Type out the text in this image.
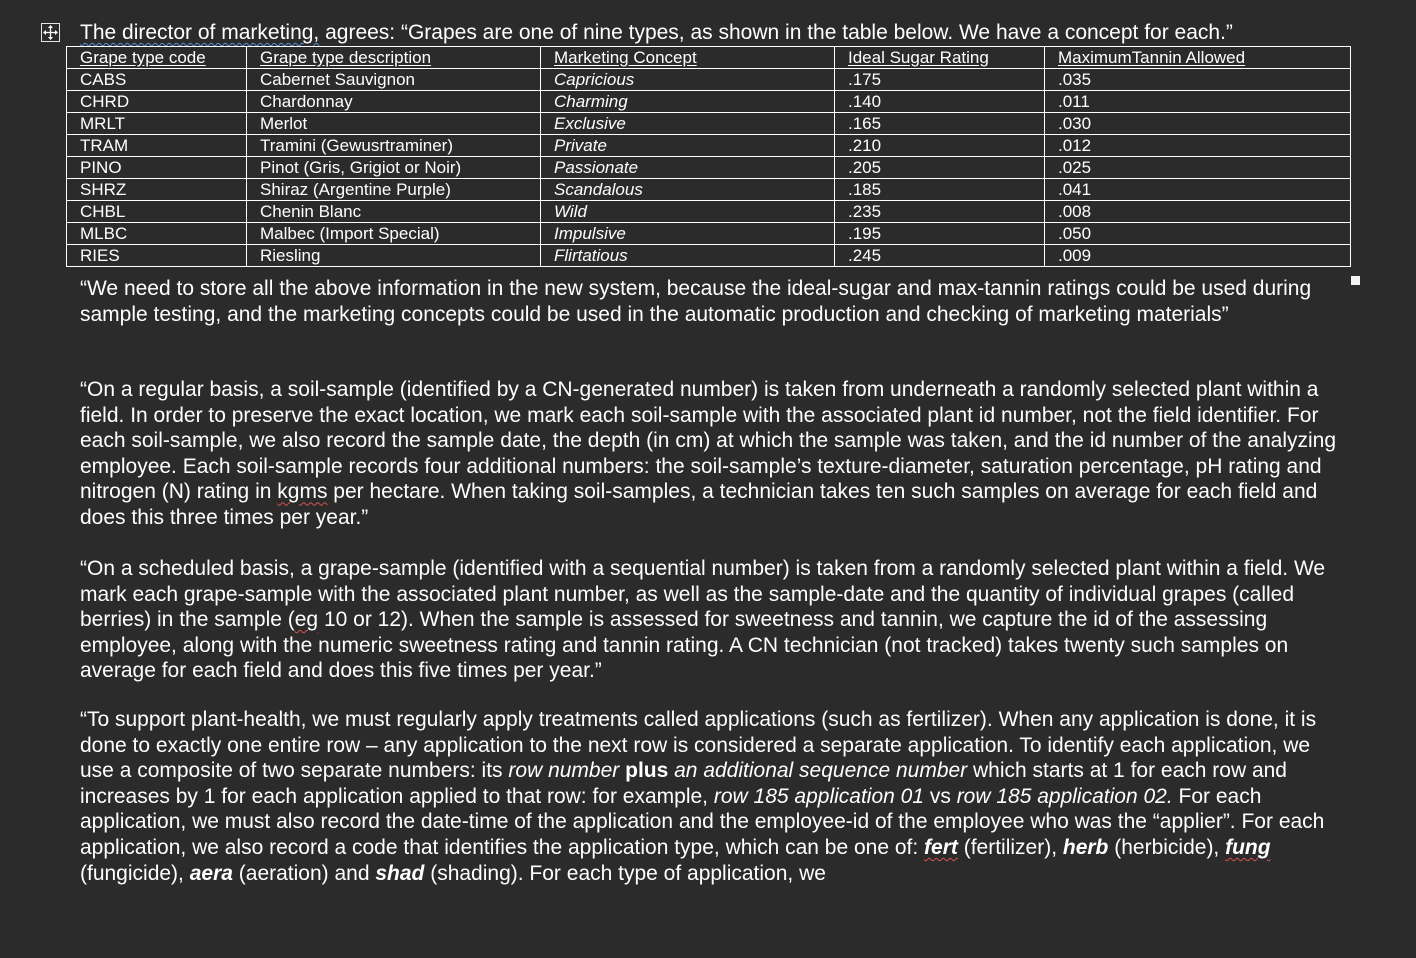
The director of marketing, agrees: “Grapes are one of nine types, as shown in the table below. We have a concept for each.”
Grape type code	Grape type description	Marketing Concept	Ideal Sugar Rating	MaximumTannin Allowed
CABS	Cabernet Sauvignon	Capricious	.175	.035
CHRD	Chardonnay	Charming	.140	.011
MRLT	Merlot	Exclusive	.165	.030
TRAM	Tramini (Gewusrtraminer)	Private	.210	.012
PINO	Pinot (Gris, Grigiot or Noir)	Passionate	.205	.025
SHRZ	Shiraz (Argentine Purple)	Scandalous	.185	.041
CHBL	Chenin Blanc	Wild	.235	.008
MLBC	Malbec (Import Special)	Impulsive	.195	.050
RIES	Riesling	Flirtatious	.245	.009

“We need to store all the above information in the new system, because the ideal-sugar and max-tannin ratings could be used during sample testing, and the marketing concepts could be used in the automatic production and checking of marketing materials”

“On a regular basis, a soil-sample (identified by a CN-generated number) is taken from underneath a randomly selected plant within a field. In order to preserve the exact location, we mark each soil-sample with the associated plant id number, not the field identifier. For each soil-sample, we also record the sample date, the depth (in cm) at which the sample was taken, and the id number of the analyzing employee. Each soil-sample records four additional numbers: the soil-sample’s texture-diameter, saturation percentage, pH rating and nitrogen (N) rating in kgms per hectare. When taking soil-samples, a technician takes ten such samples on average for each field and does this three times per year.”

“On a scheduled basis, a grape-sample (identified with a sequential number) is taken from a randomly selected plant within a field. We mark each grape-sample with the associated plant number, as well as the sample-date and the quantity of individual grapes (called berries) in the sample (eg 10 or 12). When the sample is assessed for sweetness and tannin, we capture the id of the assessing employee, along with the numeric sweetness rating and tannin rating. A CN technician (not tracked) takes twenty such samples on average for each field and does this five times per year.”

“To support plant-health, we must regularly apply treatments called applications (such as fertilizer). When any application is done, it is done to exactly one entire row – any application to the next row is considered a separate application. To identify each application, we use a composite of two separate numbers: its row number plus an additional sequence number which starts at 1 for each row and increases by 1 for each application applied to that row: for example, row 185 application 01 vs row 185 application 02. For each application, we must also record the date-time of the application and the employee-id of the employee who was the “applier”. For each application, we also record a code that identifies the application type, which can be one of: fert (fertilizer), herb (herbicide), fung (fungicide), aera (aeration) and shad (shading). For each type of application, we
